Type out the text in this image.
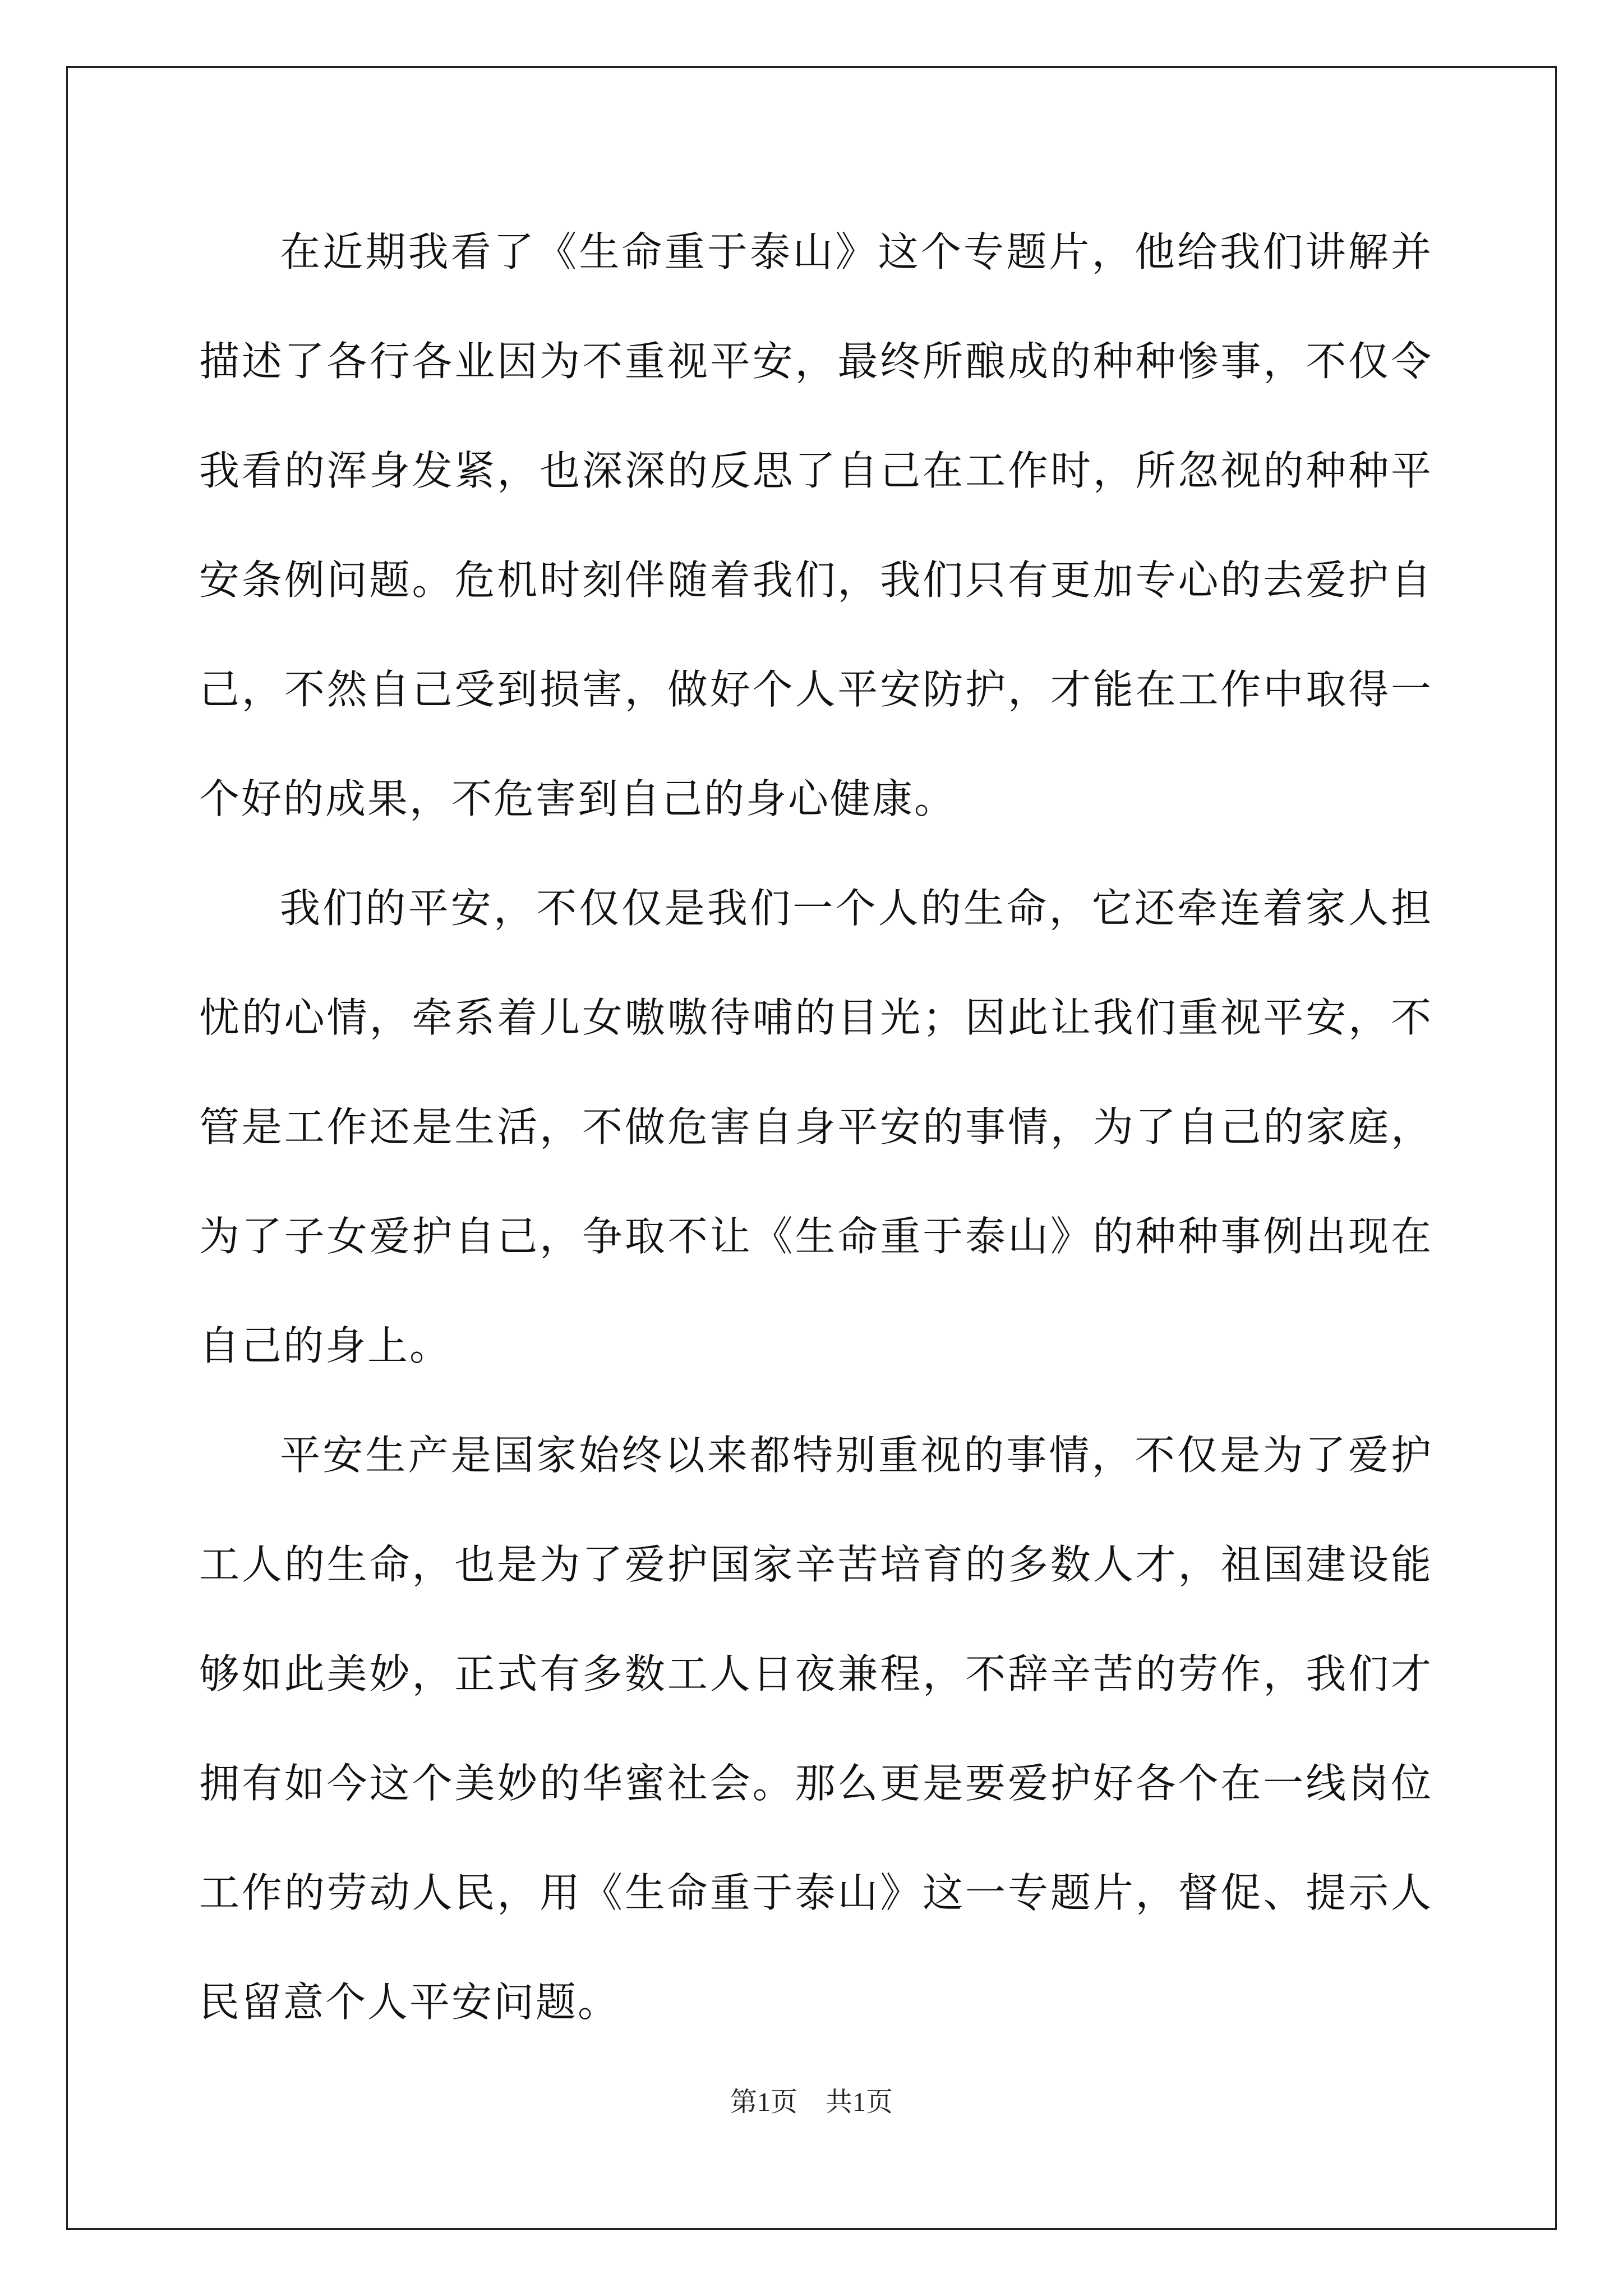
在近期我看了《生命重于泰山》这个专题片，他给我们讲解并描述了各行各业因为不重视平安，最终所酿成的种种惨事，不仅令我看的浑身发紧，也深深的反思了自己在工作时，所忽视的种种平安条例问题。危机时刻伴随着我们，我们只有更加专心的去爱护自己，不然自己受到损害，做好个人平安防护，才能在工作中取得一个好的成果，不危害到自己的身心健康。

我们的平安，不仅仅是我们一个人的生命，它还牵连着家人担忧的心情，牵系着儿女嗷嗷待哺的目光；因此让我们重视平安，不管是工作还是生活，不做危害自身平安的事情，为了自己的家庭，为了子女爱护自己，争取不让《生命重于泰山》的种种事例出现在自己的身上。

平安生产是国家始终以来都特别重视的事情，不仅是为了爱护工人的生命，也是为了爱护国家辛苦培育的多数人才，祖国建设能够如此美妙，正式有多数工人日夜兼程，不辞辛苦的劳作，我们才拥有如今这个美妙的华蜜社会。那么更是要爱护好各个在一线岗位工作的劳动人民，用《生命重于泰山》这一专题片，督促、提示人民留意个人平安问题。

第1页 共1页
